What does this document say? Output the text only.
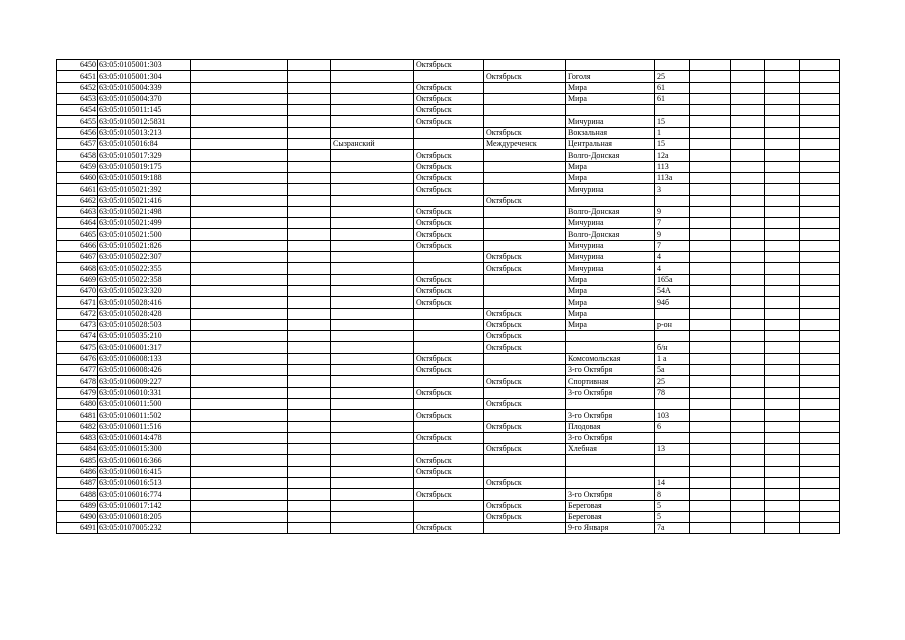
6450	63:05:0105001:303				Октябрьск							
6451	63:05:0105001:304					Октябрьск	Гоголя	25				
6452	63:05:0105004:339				Октябрьск		Мира	61				
6453	63:05:0105004:370				Октябрьск		Мира	61				
6454	63:05:0105011:145				Октябрьск							
6455	63:05:0105012:5831				Октябрьск		Мичурина	15				
6456	63:05:0105013:213					Октябрьск	Вокзальная	1				
6457	63:05:0105016:84			Сызранский		Междуреченск	Центральная	15				
6458	63:05:0105017:329				Октябрьск		Волго-Донская	12а				
6459	63:05:0105019:175				Октябрьск		Мира	113				
6460	63:05:0105019:188				Октябрьск		Мира	113а				
6461	63:05:0105021:392				Октябрьск		Мичурина	3				
6462	63:05:0105021:416					Октябрьск						
6463	63:05:0105021:498				Октябрьск		Волго-Донская	9				
6464	63:05:0105021:499				Октябрьск		Мичурина	7				
6465	63:05:0105021:500				Октябрьск		Волго-Донская	9				
6466	63:05:0105021:826				Октябрьск		Мичурина	7				
6467	63:05:0105022:307					Октябрьск	Мичурина	4				
6468	63:05:0105022:355					Октябрьск	Мичурина	4				
6469	63:05:0105022:358				Октябрьск		Мира	165а				
6470	63:05:0105023:320				Октябрьск		Мира	54А				
6471	63:05:0105028:416				Октябрьск		Мира	94б				
6472	63:05:0105028:428					Октябрьск	Мира					
6473	63:05:0105028:503					Октябрьск	Мира	р-он				
6474	63:05:0105035:210					Октябрьск						
6475	63:05:0106001:317					Октябрьск		б/н				
6476	63:05:0106008:133				Октябрьск		Комсомольская	1 а				
6477	63:05:0106008:426				Октябрьск		3-го Октября	5а				
6478	63:05:0106009:227					Октябрьск	Спортивная	25				
6479	63:05:0106010:331				Октябрьск		3-го Октября	78				
6480	63:05:0106011:500					Октябрьск						
6481	63:05:0106011:502				Октябрьск		3-го Октября	103				
6482	63:05:0106011:516					Октябрьск	Плодовая	6				
6483	63:05:0106014:478				Октябрьск		3-го Октября					
6484	63:05:0106015:300					Октябрьск	Хлебная	13				
6485	63:05:0106016:366				Октябрьск							
6486	63:05:0106016:415				Октябрьск							
6487	63:05:0106016:513					Октябрьск		14				
6488	63:05:0106016:774				Октябрьск		3-го Октября	8				
6489	63:05:0106017:142					Октябрьск	Береговая	5				
6490	63:05:0106018:205					Октябрьск	Береговая	5				
6491	63:05:0107005:232				Октябрьск		9-го Января	7а				
